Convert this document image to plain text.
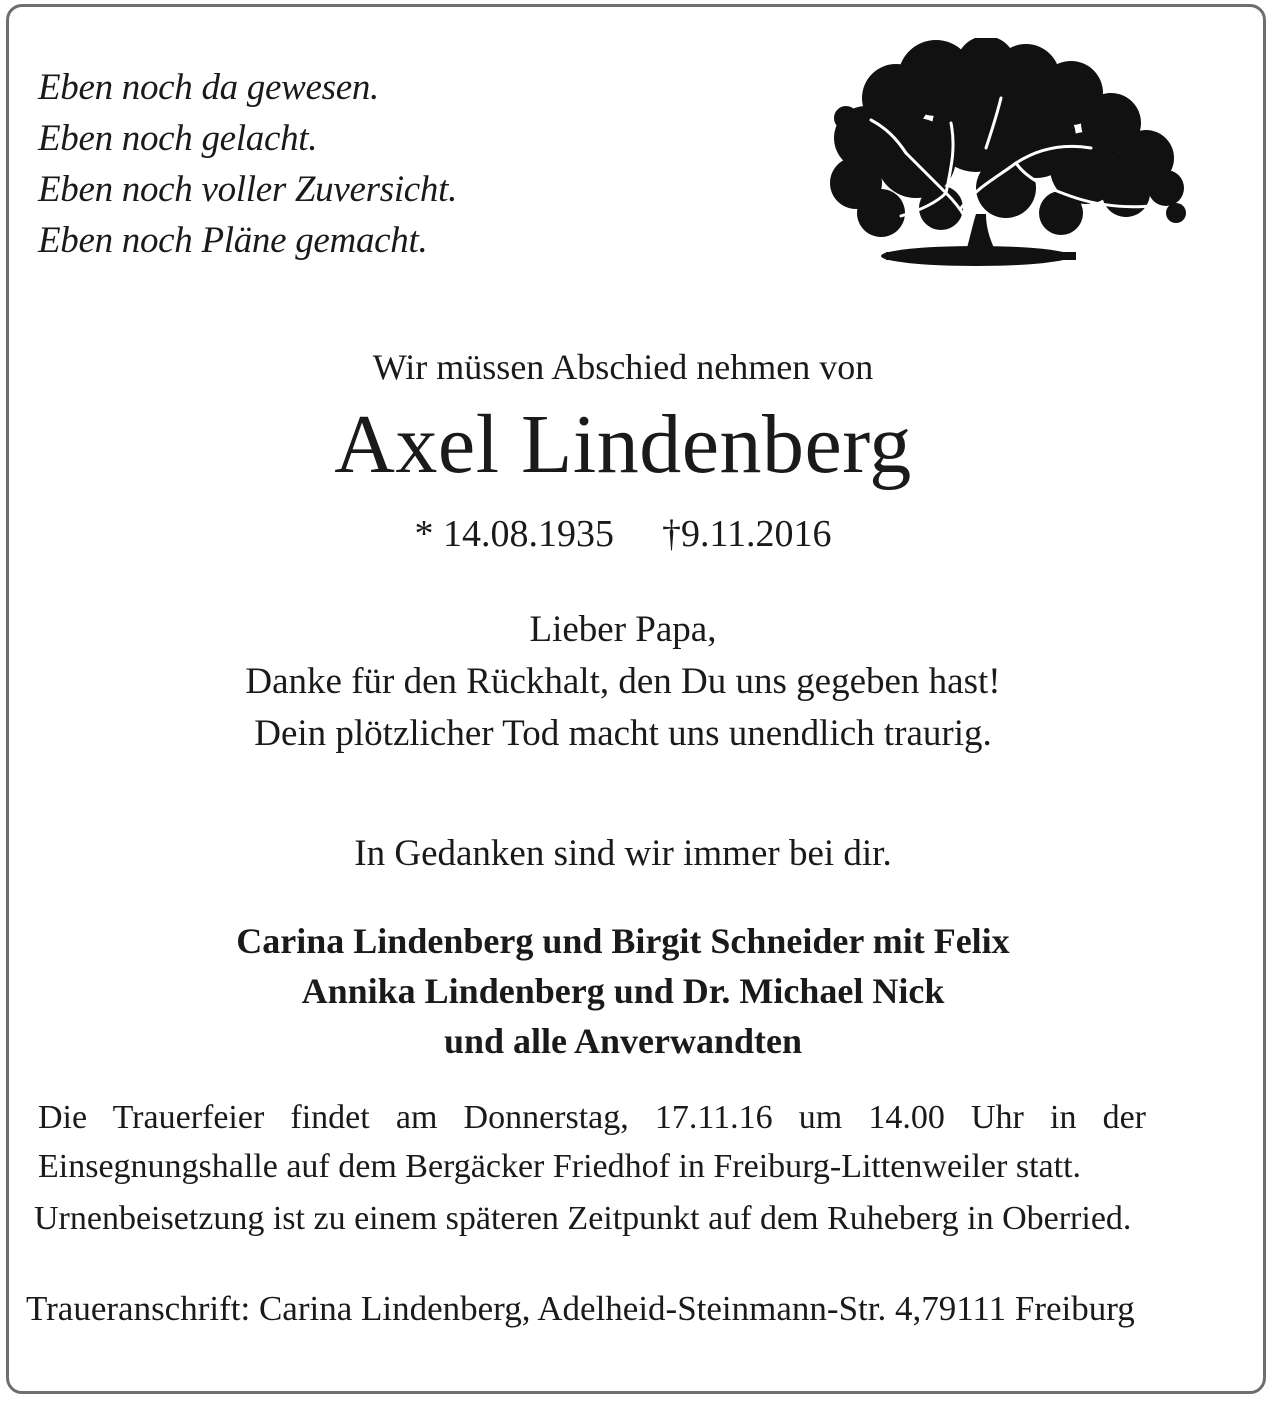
Eben noch da gewesen.
Eben noch gelacht.
Eben noch voller Zuversicht.
Eben noch Pläne gemacht.
Wir müssen Abschied nehmen von
Axel Lindenberg
* 14.08.1935 †9.11.2016
Lieber Papa,
Danke für den Rückhalt, den Du uns gegeben hast!
Dein plötzlicher Tod macht uns unendlich traurig.
In Gedanken sind wir immer bei dir.
Carina Lindenberg und Birgit Schneider mit Felix
Annika Lindenberg und Dr. Michael Nick
und alle Anverwandten
Die Trauerfeier findet am Donnerstag, 17.11.16 um 14.00 Uhr in der
Einsegnungshalle auf dem Bergäcker Friedhof in Freiburg-Littenweiler statt.
Urnenbeisetzung ist zu einem späteren Zeitpunkt auf dem Ruheberg in Oberried.
Traueranschrift: Carina Lindenberg, Adelheid-Steinmann-Str. 4,79111 Freiburg
